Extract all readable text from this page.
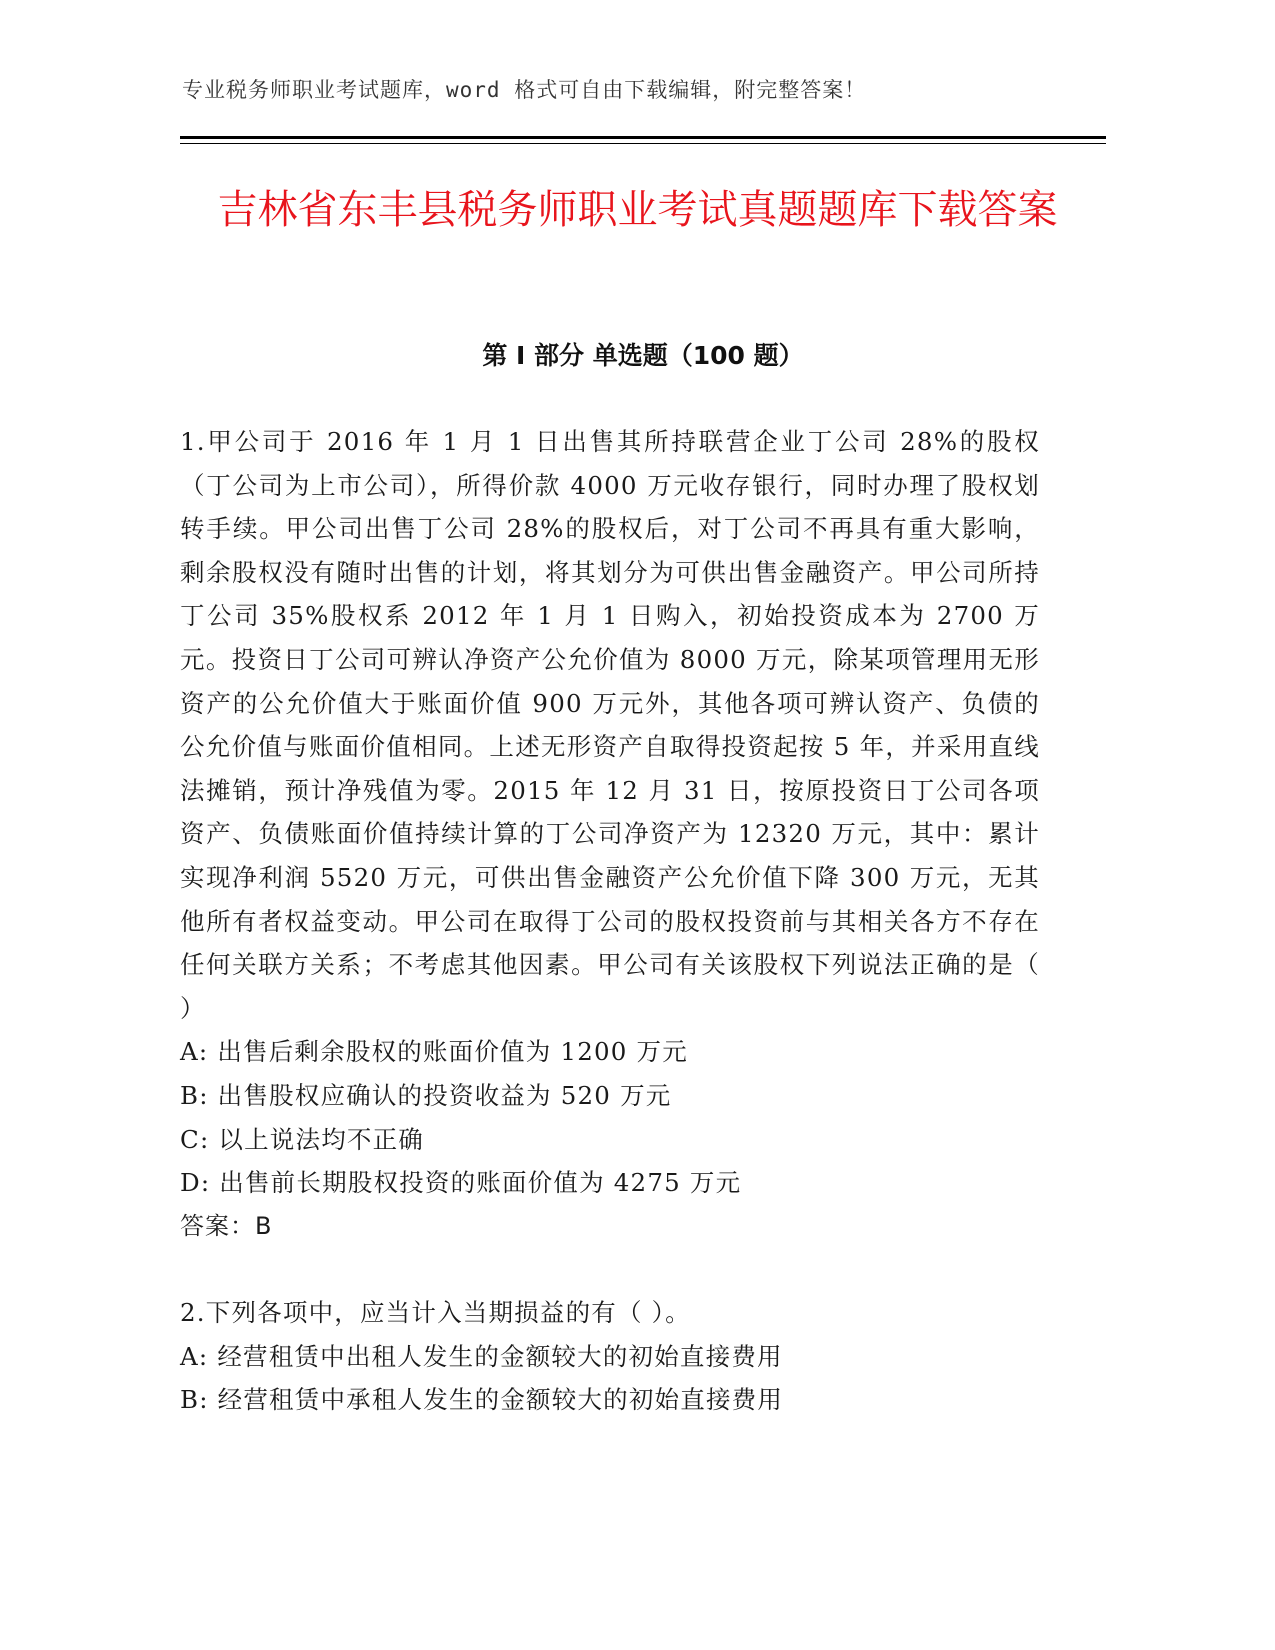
专业税务师职业考试题库，word 格式可自由下载编辑，附完整答案！
吉林省东丰县税务师职业考试真题题库下载答案
第 I 部分 单选题（100 题）

1.甲公司于 2016 年 1 月 1 日出售其所持联营企业丁公司 28%的股权（丁公司为上市公司），所得价款 4000 万元收存银行，同时办理了股权划转手续。甲公司出售丁公司 28%的股权后，对丁公司不再具有重大影响，剩余股权没有随时出售的计划，将其划分为可供出售金融资产。甲公司所持丁公司 35%股权系 2012 年 1 月 1 日购入，初始投资成本为 2700 万元。投资日丁公司可辨认净资产公允价值为 8000 万元，除某项管理用无形资产的公允价值大于账面价值 900 万元外，其他各项可辨认资产、负债的公允价值与账面价值相同。上述无形资产自取得投资起按 5 年，并采用直线法摊销，预计净残值为零。2015 年 12 月 31 日，按原投资日丁公司各项资产、负债账面价值持续计算的丁公司净资产为 12320 万元，其中：累计实现净利润 5520 万元，可供出售金融资产公允价值下降 300 万元，无其他所有者权益变动。甲公司在取得丁公司的股权投资前与其相关各方不存在任何关联方关系；不考虑其他因素。甲公司有关该股权下列说法正确的是（ ）

A: 出售后剩余股权的账面价值为 1200 万元

B: 出售股权应确认的投资收益为 520 万元

C: 以上说法均不正确

D: 出售前长期股权投资的账面价值为 4275 万元

答案：B

2.下列各项中，应当计入当期损益的有（ ）。

A: 经营租赁中出租人发生的金额较大的初始直接费用

B: 经营租赁中承租人发生的金额较大的初始直接费用
